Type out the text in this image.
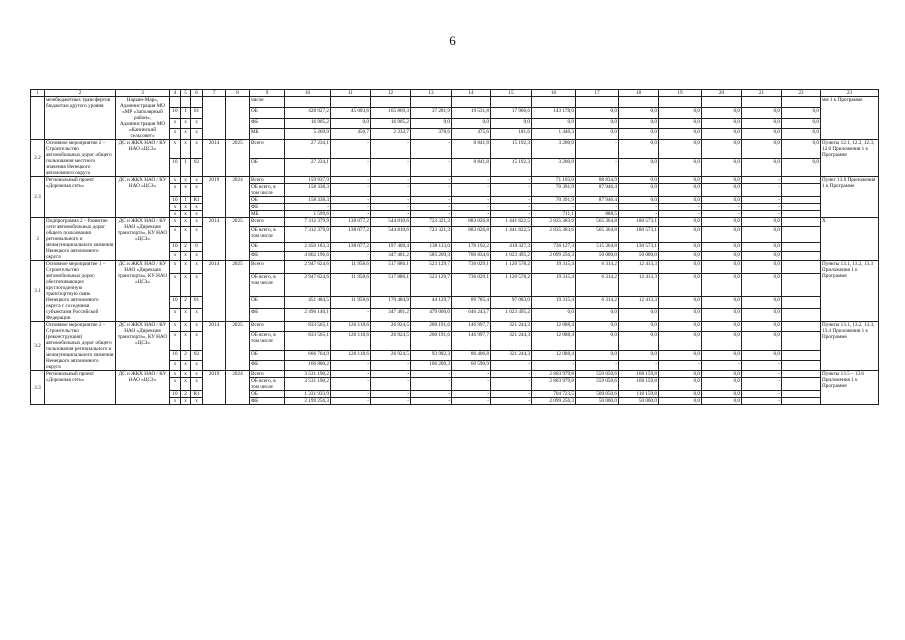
6
1	2	3	4	5	6	7	8	9	10	11	12	13	14	15	16	17	18	19	20	21	22	23
	межбюджетных трансфертов бюджетам другого уровня	Нарьян-Мар», Администрация МО «МР «Заполярный район», Администрация МО «Канинский сельсовет»						числе														мм 1 к Программе
			10	1	01			ОБ	428 927,2	45 003,6	165 869,3	37 281,9	19 531,8	17 966,6	143 178,0	0,0	0,0	0,0	0,0	0,0	0,0	
			x	x	x			ФБ	16 905,2	0,0	16 905,2	0,0	0,0	0,0	0,0	0,0	0,0	0,0	0,0	0,0	0,0	
			x	x	x			МБ	5 269,9	456,7	2 332,7	378,6	475,6	181,6	1 446,3	0,0	0,0	0,0	0,0	0,0	0,0	
2.2	Основное мероприятие 2 – Строительство автомобильных дорог общего пользования местного значения Ненецкого автономного округа	ДС и ЖКХ НАО / КУ НАО «ЦСЗ»	x	x	x	2014	2025	Всего	27 234,1	-	-	-	8 841,8	15 192,3	3 200,0	-	0,0	0,0	0,0	0,0	0,0	Пункты 12.1, 12.2, 12.3, 12.6 Приложения 1 к Программе
			10	1	02			ОБ	27 234,1	-	-	-	8 841,8	15 192,3	3 200,0	-	0,0	0,0	0,0	0,0	0,0	
2.3	Региональный проект «Дорожная сеть»	ДС и ЖКХ НАО / КУ НАО «ЦСЗ»	x	x	x	2019	2024	Всего	159 937,9	-	-	-	-	-	71 103,0	88 834,9	0,0	0,0	0,0	-		Пункт 13.6 Приложения 1 к Программе
			x	x	x			ОБ всего, в том числе	158 338,3	-	-	-	-	-	70 391,9	87 946,4	0,0	0,0	0,0	-		
			10	1	R1			ОБ	158 338,3	-	-	-	-	-	70 391,9	87 946,4	0,0	0,0	0,0	-		
			x	x	x			ФБ	-	-	-	-	-	-	-	-	-	-	-	-		
			x	x	x			МБ	1 599,6	-	-	-	-	-	711,1	888,5	-	-	-	-		
3	Подпрограмма 2 – Развитие сети автомобильных дорог общего пользования регионального и межмуниципального значения Ненецкого автономного округа	ДС и ЖКХ НАО / КУ НАО «Дирекция транспорта», КУ НАО «ЦСЗ»	x	x	x	2014	2025	Всего	7 312 379,9	138 077,2	544 810,6	723 321,3	883 026,8	1 441 822,5	2 835 383,6	565 364,8	180 573,1	0,0	0,0	0,0		Х
			x	x	x			ОБ всего, в том числе	7 312 379,9	138 077,2	544 810,6	723 321,3	883 026,8	1 441 822,5	2 835 383,6	565 364,8	180 573,1	0,0	0,0	0,0		
			10	2	0			ОБ	2 450 183,3	138 077,2	197 409,4	138 113,0	176 192,2	418 327,3	736 127,3	515 364,8	130 573,1	0,0	0,0	0,0		
			x	x	x			ФБ	4 862 196,6	-	347 401,2	585 209,3	706 834,6	1 023 495,2	2 099 256,3	50 000,0	50 000,0	0,0	0,0	0,0		
3.1	Основное мероприятие 1 – Строительство автомобильных дорог, обеспечивающих круглогодичную транспортную связь Ненецкого автономного округа с соседними субъектами Российской Федерации	ДС и ЖКХ НАО / КУ НАО «Дирекция транспорта», КУ НАО «ЦСЗ»	x	x	x	2014	2025	Всего	2 947 624,6	11 958,6	517 886,1	523 129,7	736 029,1	1 120 578,2	19 315,4	6 314,2	12 413,3	0,0	0,0	0,0		Пункты 13.1, 13.2, 13.3 Приложения 1 к Программе
			x	x	x			ОБ всего, в том числе	2 947 624,6	11 958,6	517 886,1	523 129,7	736 029,1	1 120 578,2	19 315,4	6 314,2	12 413,3	0,0	0,0	0,0		
			10	2	01			ОБ	451 484,5	11 958,6	170 484,9	44 129,7	89 785,4	97 083,0	19 315,4	6 314,2	12 413,3	0,0	0,0	0,0		
			x	x	x			ФБ	2 496 140,1	-	347 401,2	479 000,0	646 243,7	1 023 495,2	0,0	0,0	0,0	0,0	0,0	0,0		
3.2	Основное мероприятие 2 – Строительство (реконструкция) автомобильных дорог общего пользования регионального и межмуниципального значения Ненецкого автономного округа	ДС и ЖКХ НАО / КУ НАО «Дирекция транспорта», КУ НАО «ЦСЗ»	x	x	x	2014	2025	Всего	833 565,1	126 118,6	26 924,5	200 191,6	146 997,7	321 244,3	12 088,4	0,0	0,0	0,0	0,0	0,0		Пункты 13.1, 13.2, 13.3, 13.4 Приложения 1 к Программе
			x	x	x			ОБ всего, в том числе	833 565,1	126 118,6	26 924,5	200 191,6	146 997,7	321 244,3	12 088,4	0,0	0,0	0,0	0,0	0,0		
			10	2	02			ОБ	666 764,9	126 118,6	26 924,5	93 982,3	86 406,8	321 244,3	12 088,4	0,0	0,0	0,0	0,0	0,0		
			x	x	x			ФБ	166 800,2	-	-	106 209,3	60 590,9	-	-	-	-	-	-	-		
3.3	Региональный проект «Дорожная сеть»	ДС и ЖКХ НАО / КУ НАО «ЦСЗ»	x	x	x	2019	2024	Всего	3 531 190,2	-	-	-	-	-	2 803 979,8	559 050,6	168 159,8	0,0	0,0	-		Пункты 13.5 – 13.6 Приложения 1 к Программе
			x	x	x			ОБ всего, в том числе	3 531 190,2	-	-	-	-	-	2 803 979,8	559 050,6	168 159,8	0,0	0,0	-		
			10	2	R1			ОБ	1 331 933,9	-	-	-	-	-	704 723,5	509 050,6	118 159,8	0,0	0,0	-		
			x	x	x			ФБ	2 199 256,3	-	-	-	-	-	2 099 256,3	50 000,0	50 000,0	0,0	0,0	-		
